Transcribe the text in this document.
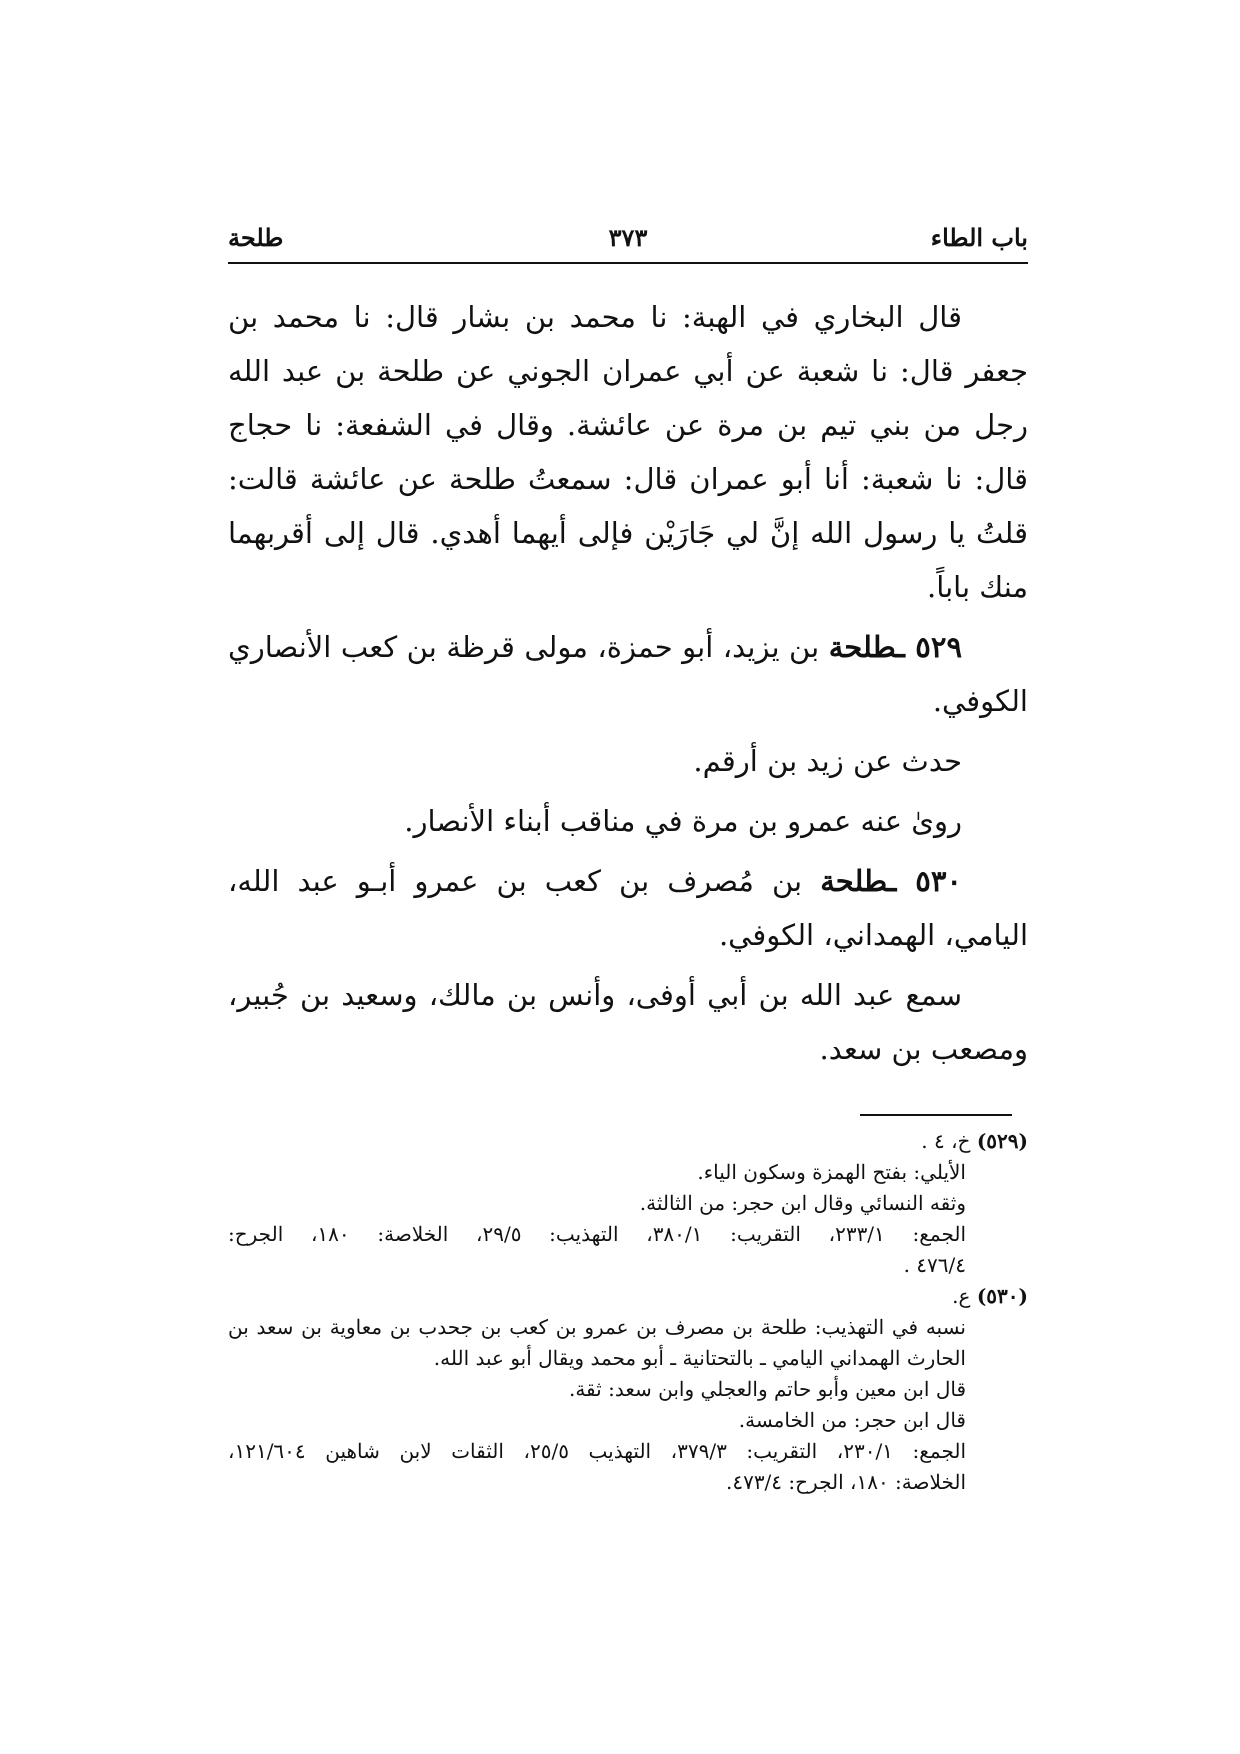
باب الطاء
٣٧٣
طلحة

قال البخاري في الهبة: نا محمد بن بشار قال: نا محمد بن جعفر قال: نا شعبة عن أبي عمران الجوني عن طلحة بن عبد الله رجل من بني تيم بن مرة عن عائشة. وقال في الشفعة: نا حجاج قال: نا شعبة: أنا أبو عمران قال: سمعتُ طلحة عن عائشة قالت: قلتُ يا رسول الله إنَّ لي جَارَيْن فإلى أيهما أهدي. قال إلى أقربهما منك باباً.

٥٢٩ ـطلحة بن يزيد، أبو حمزة، مولى قرظة بن كعب الأنصاري الكوفي.

حدث عن زيد بن أرقم.

روىٰ عنه عمرو بن مرة في مناقب أبناء الأنصار.

٥٣٠ ـطلحة بن مُصرف بن كعب بن عمرو أبـو عبد الله، اليامي، الهمداني، الكوفي.

سمع عبد الله بن أبي أوفى، وأنس بن مالك، وسعيد بن جُبير، ومصعب بن سعد.

(٥٢٩) خ، ٤ .
الأيلي: بفتح الهمزة وسكون الياء.
وثقه النسائي وقال ابن حجر: من الثالثة.
الجمع: ٢٣٣/١، التقريب: ٣٨٠/١، التهذيب: ٢٩/٥، الخلاصة: ١٨٠، الجرح:
٤٧٦/٤ .
(٥٣٠) ع.
نسبه في التهذيب: طلحة بن مصرف بن عمرو بن كعب بن جحدب بن معاوية بن سعد بن
الحارث الهمداني اليامي ـ بالتحتانية ـ أبو محمد ويقال أبو عبد الله.
قال ابن معين وأبو حاتم والعجلي وابن سعد: ثقة.
قال ابن حجر: من الخامسة.
الجمع: ٢٣٠/١، التقريب: ٣٧٩/٣، التهذيب ٢٥/٥، الثقات لابن شاهين ١٢١/٦٠٤،
الخلاصة: ١٨٠، الجرح: ٤٧٣/٤.
